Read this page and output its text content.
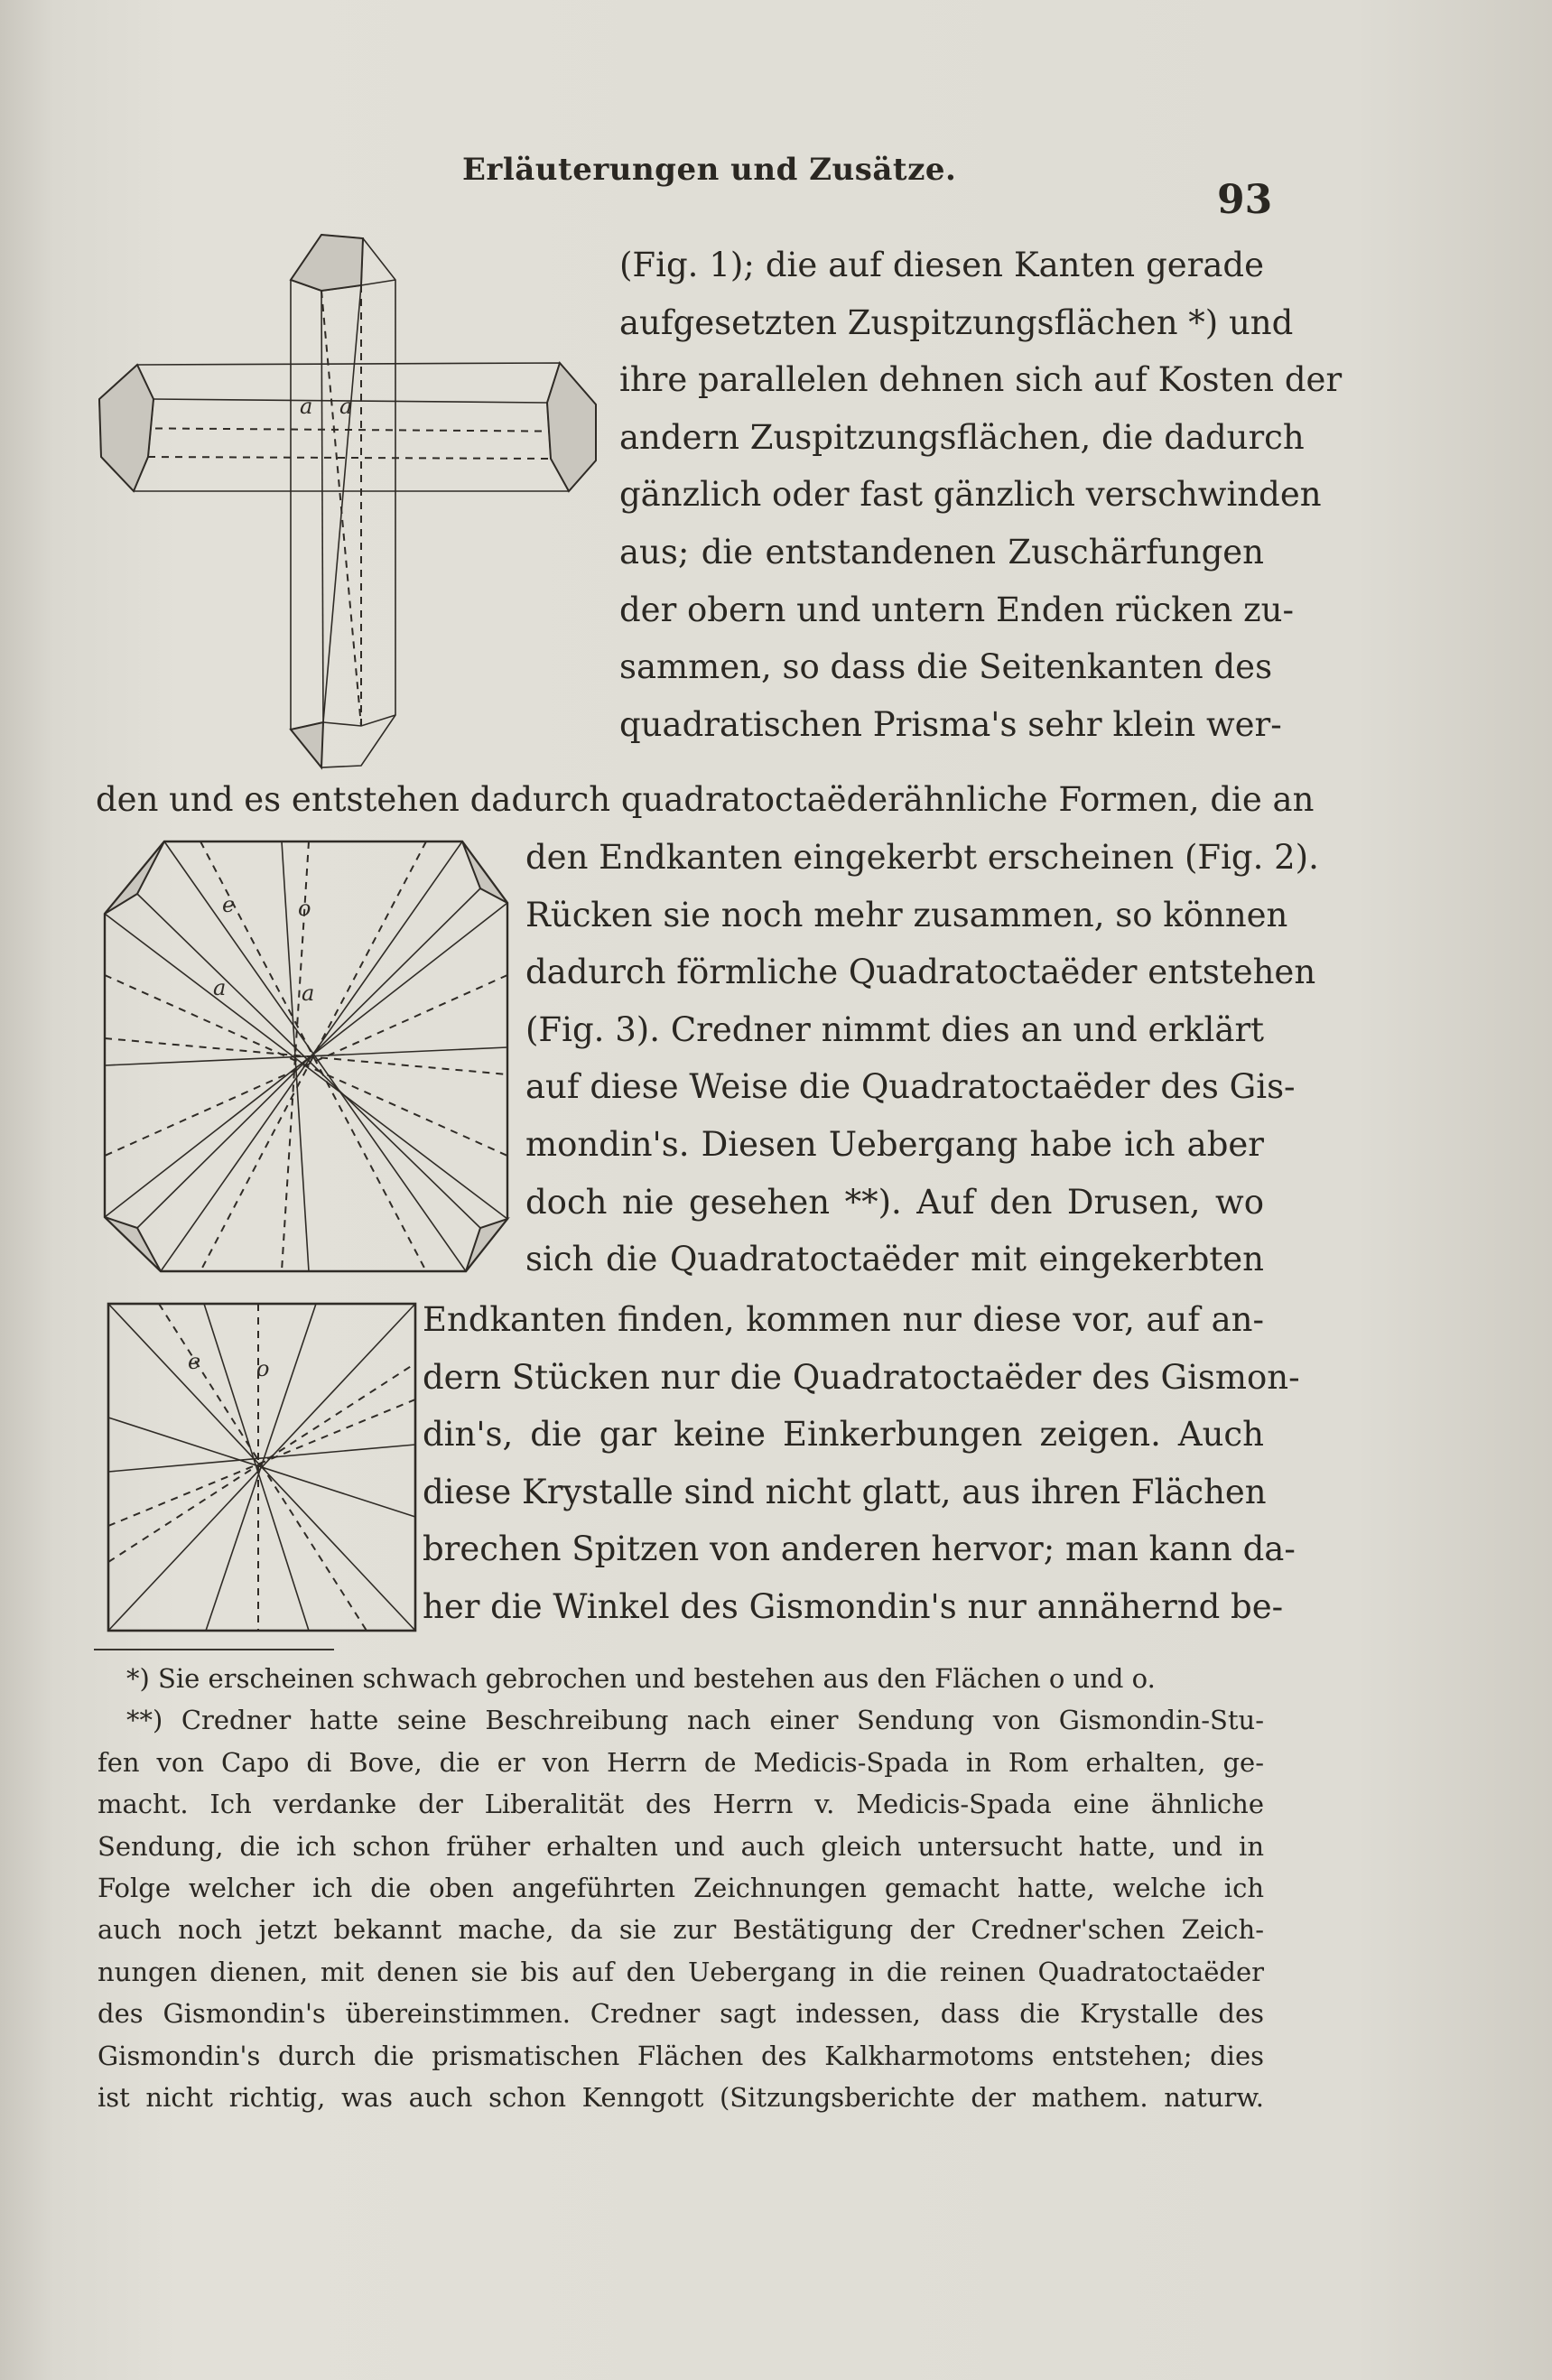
Erläuterungen und Zusätze.
93
a a
e	o
a	a
e	o
(Fig. 1); die auf diesen Kanten gerade
aufgesetzten Zuspitzungsflächen *) und
ihre parallelen dehnen sich auf Kosten der
andern Zuspitzungsflächen, die dadurch
gänzlich oder fast gänzlich verschwinden
aus; die entstandenen Zuschärfungen
der obern und untern Enden rücken zu-
sammen, so dass die Seitenkanten des
quadratischen Prisma's sehr klein wer-
den und es entstehen dadurch quadratoctaëderähnliche Formen, die an
den Endkanten eingekerbt erscheinen (Fig. 2).
Rücken sie noch mehr zusammen, so können
dadurch förmliche Quadratoctaëder entstehen
(Fig. 3). Credner nimmt dies an und erklärt
auf diese Weise die Quadratoctaëder des Gis-
mondin's. Diesen Uebergang habe ich aber
doch nie gesehen **). Auf den Drusen, wo
sich die Quadratoctaëder mit eingekerbten
Endkanten finden, kommen nur diese vor, auf an-
dern Stücken nur die Quadratoctaëder des Gismon-
din's, die gar keine Einkerbungen zeigen. Auch
diese Krystalle sind nicht glatt, aus ihren Flächen
brechen Spitzen von anderen hervor; man kann da-
her die Winkel des Gismondin's nur annähernd be-
*) Sie erscheinen schwach gebrochen und bestehen aus den Flächen o und o.
**) Credner hatte seine Beschreibung nach einer Sendung von Gismondin-Stu-
fen von Capo di Bove, die er von Herrn de Medicis-Spada in Rom erhalten, ge-
macht. Ich verdanke der Liberalität des Herrn v. Medicis-Spada eine ähnliche
Sendung, die ich schon früher erhalten und auch gleich untersucht hatte, und in
Folge welcher ich die oben angeführten Zeichnungen gemacht hatte, welche ich
auch noch jetzt bekannt mache, da sie zur Bestätigung der Credner'schen Zeich-
nungen dienen, mit denen sie bis auf den Uebergang in die reinen Quadratoctaëder
des Gismondin's übereinstimmen. Credner sagt indessen, dass die Krystalle des
Gismondin's durch die prismatischen Flächen des Kalkharmotoms entstehen; dies
ist nicht richtig, was auch schon Kenngott (Sitzungsberichte der mathem. naturw.
